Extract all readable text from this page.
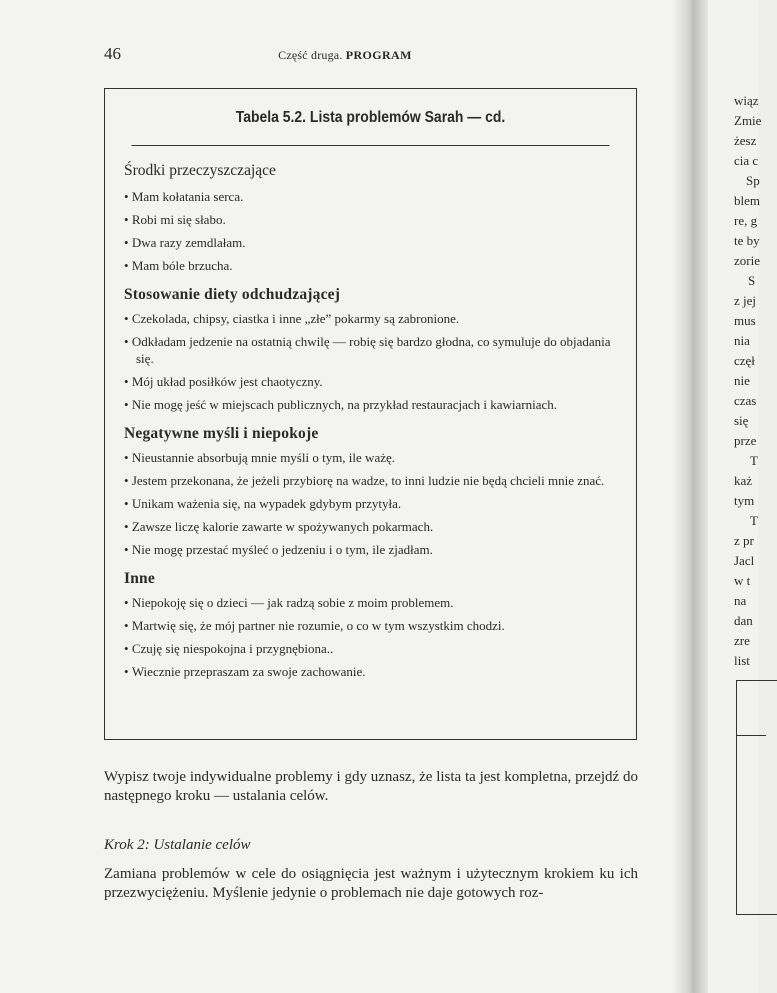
46	Część druga. PROGRAM
Tabela 5.2. Lista problemów Sarah — cd.
Środki przeczyszczające
• Mam kołatania serca.
• Robi mi się słabo.
• Dwa razy zemdlałam.
• Mam bóle brzucha.
Stosowanie diety odchudzającej
• Czekolada, chipsy, ciastka i inne „złe” pokarmy są zabronione.
• Odkładam jedzenie na ostatnią chwilę — robię się bardzo głodna, co symuluje do objadania się.
• Mój układ posiłków jest chaotyczny.
• Nie mogę jeść w miejscach publicznych, na przykład restauracjach i kawiarniach.
Negatywne myśli i niepokoje
• Nieustannie absorbują mnie myśli o tym, ile ważę.
• Jestem przekonana, że jeżeli przybiorę na wadze, to inni ludzie nie będą chcieli mnie znać.
• Unikam ważenia się, na wypadek gdybym przytyła.
• Zawsze liczę kalorie zawarte w spożywanych pokarmach.
• Nie mogę przestać myśleć o jedzeniu i o tym, ile zjadłam.
Inne
• Niepokoję się o dzieci — jak radzą sobie z moim problemem.
• Martwię się, że mój partner nie rozumie, o co w tym wszystkim chodzi.
• Czuję się niespokojna i przygnębiona..
• Wiecznie przepraszam za swoje zachowanie.

Wypisz twoje indywidualne problemy i gdy uznasz, że lista ta jest kompletna, przejdź do następnego kroku — ustalania celów.

Krok 2: Ustalanie celów

Zamiana problemów w cele do osiągnięcia jest ważnym i użytecznym krokiem ku ich przezwyciężeniu. Myślenie jedynie o problemach nie daje gotowych roz-

wiąz
Zmie
żesz
cia c
Sp
blem
re, g
te by
zorie
S
z jej
mus
nia
częł
nie
czas
się
prze
T
każ
tym
T
z pr
Jacl
w t
na
dan
zre
list
